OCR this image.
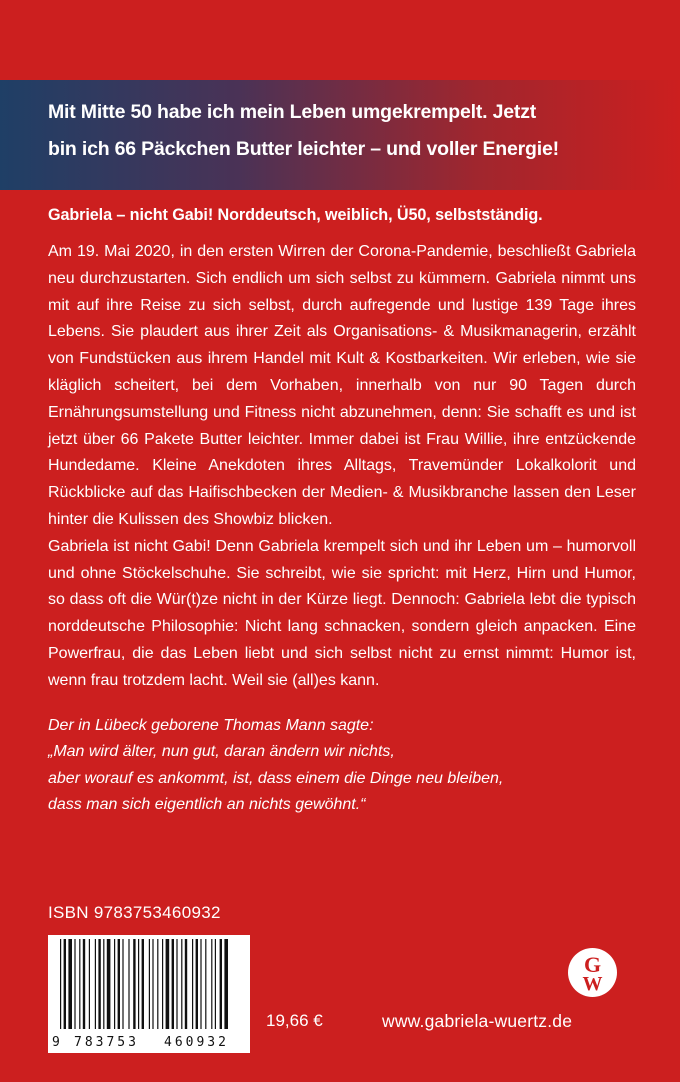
Mit Mitte 50 habe ich mein Leben umgekrempelt. Jetzt

bin ich 66 Päckchen Butter leichter – und voller Energie!

Gabriela – nicht Gabi! Norddeutsch, weiblich, Ü50, selbstständig.
Am 19. Mai 2020, in den ersten Wirren der Corona-Pandemie, beschließt Gabriela neu durchzustarten. Sich endlich um sich selbst zu kümmern. Gabriela nimmt uns mit auf ihre Reise zu sich selbst, durch aufregende und lustige 139 Tage ihres Lebens. Sie plaudert aus ihrer Zeit als Organisations- & Musikmanagerin, erzählt von Fundstücken aus ihrem Handel mit Kult & Kostbarkeiten. Wir erleben, wie sie kläglich scheitert, bei dem Vorhaben, innerhalb von nur 90 Tagen durch Ernährungsumstellung und Fitness nicht abzunehmen, denn: Sie schafft es und ist jetzt über 66 Pakete Butter leichter. Immer dabei ist Frau Willie, ihre entzückende Hundedame. Kleine Anekdoten ihres Alltags, Travemünder Lokalkolorit und Rückblicke auf das Haifischbecken der Medien- & Musikbranche lassen den Leser hinter die Kulissen des Showbiz blicken.
Gabriela ist nicht Gabi! Denn Gabriela krempelt sich und ihr Leben um – humorvoll und ohne Stöckelschuhe. Sie schreibt, wie sie spricht: mit Herz, Hirn und Humor, so dass oft die Wür(t)ze nicht in der Kürze liegt. Dennoch: Gabriela lebt die typisch norddeutsche Philosophie: Nicht lang schnacken, sondern gleich anpacken. Eine Powerfrau, die das Leben liebt und sich selbst nicht zu ernst nimmt: Humor ist, wenn frau trotzdem lacht. Weil sie (all)es kann.
Der in Lübeck geborene Thomas Mann sagte:
„Man wird älter, nun gut, daran ändern wir nichts,
aber worauf es ankommt, ist, dass einem die Dinge neu bleiben,
dass man sich eigentlich an nichts gewöhnt.“
ISBN 9783753460932
9 783753 460932
19,66 €
G
W
www.gabriela-wuertz.de
